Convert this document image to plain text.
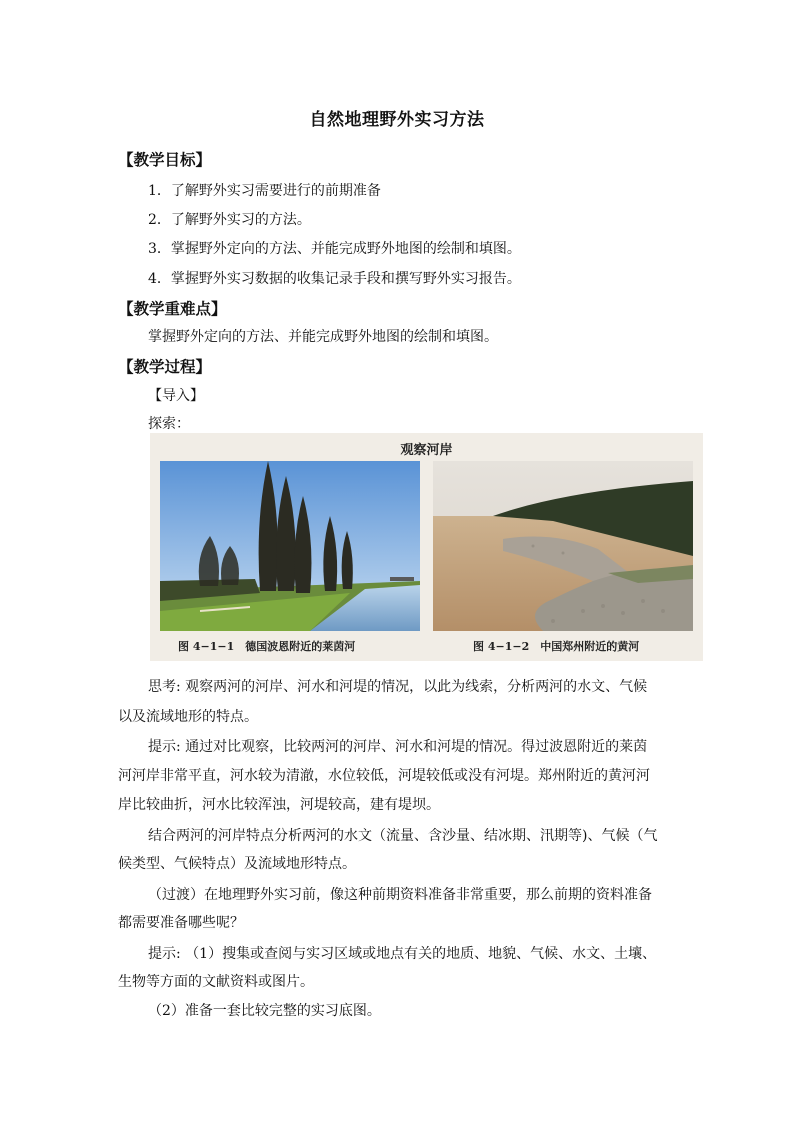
自然地理野外实习方法
【教学目标】
1．了解野外实习需要进行的前期准备
2．了解野外实习的方法。
3．掌握野外定向的方法、并能完成野外地图的绘制和填图。
4．掌握野外实习数据的收集记录手段和撰写野外实习报告。
【教学重难点】
掌握野外定向的方法、并能完成野外地图的绘制和填图。
【教学过程】
【导入】
探索：
观察河岸
图 4−1−1　德国波恩附近的莱茵河	图 4−1−2　中国郑州附近的黄河
思考: 观察两河的河岸、河水和河堤的情况，以此为线索，分析两河的水文、气候
以及流域地形的特点。
提示: 通过对比观察，比较两河的河岸、河水和河堤的情况。得过波恩附近的莱茵
河河岸非常平直，河水较为清澈，水位较低，河堤较低或没有河堤。郑州附近的黄河河
岸比较曲折，河水比较浑浊，河堤较高，建有堤坝。
结合两河的河岸特点分析两河的水文（流量、含沙量、结冰期、汛期等)、气候（气
候类型、气候特点）及流域地形特点。
（过渡）在地理野外实习前，像这种前期资料准备非常重要，那么前期的资料准备
都需要准备哪些呢？
提示: （1）搜集或查阅与实习区域或地点有关的地质、地貌、气候、水文、土壤、
生物等方面的文献资料或图片。
（2）准备一套比较完整的实习底图。
